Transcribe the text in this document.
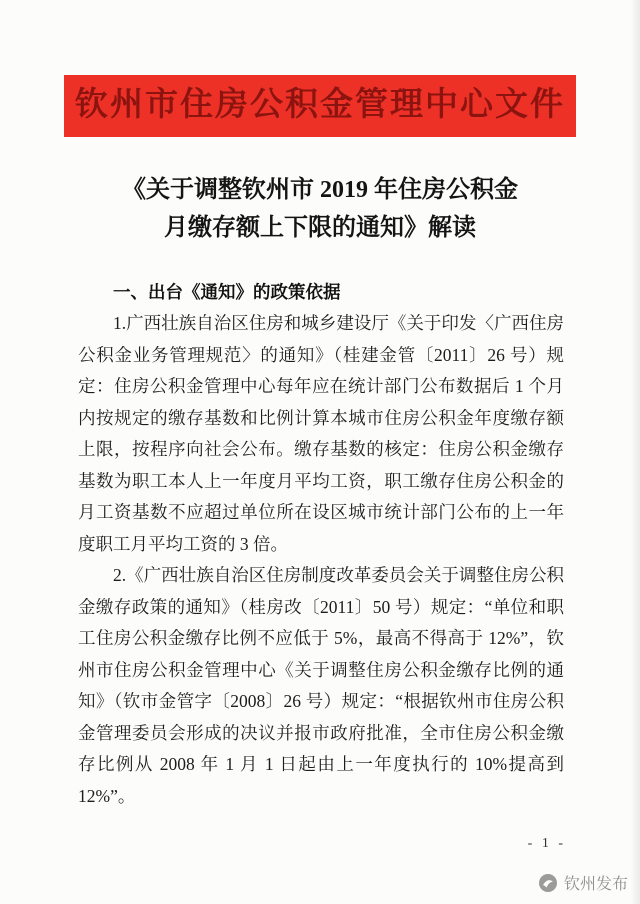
钦州市住房公积金管理中心文件
《关于调整钦州市 2019 年住房公积金
月缴存额上下限的通知》解读
一、出台《通知》的政策依据

1.广西壮族自治区住房和城乡建设厅《关于印发〈广西住房公积金业务管理规范〉的通知》（桂建金管〔2011〕26 号）规定：住房公积金管理中心每年应在统计部门公布数据后 1 个月内按规定的缴存基数和比例计算本城市住房公积金年度缴存额上限，按程序向社会公布。缴存基数的核定：住房公积金缴存基数为职工本人上一年度月平均工资，职工缴存住房公积金的月工资基数不应超过单位所在设区城市统计部门公布的上一年度职工月平均工资的 3 倍。

2.《广西壮族自治区住房制度改革委员会关于调整住房公积金缴存政策的通知》（桂房改〔2011〕50 号）规定：“单位和职工住房公积金缴存比例不应低于 5%，最高不得高于 12%”，钦州市住房公积金管理中心《关于调整住房公积金缴存比例的通知》（钦市金管字〔2008〕26 号）规定：“根据钦州市住房公积金管理委员会形成的决议并报市政府批准，全市住房公积金缴存比例从 2008 年 1 月 1 日起由上一年度执行的 10%提高到 12%”。

- 1 -
钦州发布
